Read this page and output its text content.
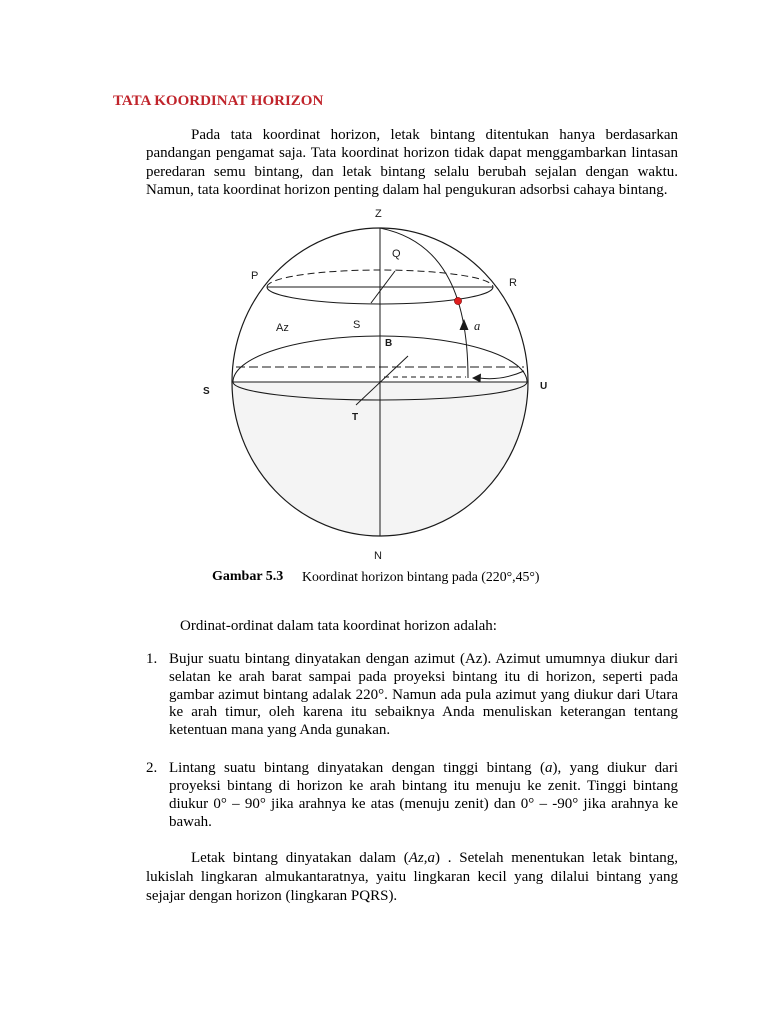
TATA KOORDINAT HORIZON
Pada tata koordinat horizon, letak bintang ditentukan hanya berdasarkan
pandangan pengamat saja. Tata koordinat horizon tidak dapat menggambarkan lintasan
peredaran semu bintang, dan letak bintang selalu berubah sejalan dengan waktu.
Namun, tata koordinat horizon penting dalam hal pengukuran adsorbsi cahaya bintang.
Z
Q
P
R
Az	S	a
B
S	U
T
N
Gambar 5.3 Koordinat horizon bintang pada (220°,45°)
Ordinat-ordinat dalam tata koordinat horizon adalah:
1. Bujur suatu bintang dinyatakan dengan azimut (Az). Azimut umumnya diukur dari
selatan ke arah barat sampai pada proyeksi bintang itu di horizon, seperti pada
gambar azimut bintang adalak 220°. Namun ada pula azimut yang diukur dari Utara
ke arah timur, oleh karena itu sebaiknya Anda menuliskan keterangan tentang
ketentuan mana yang Anda gunakan.
2. Lintang suatu bintang dinyatakan dengan tinggi bintang (a), yang diukur dari
proyeksi bintang di horizon ke arah bintang itu menuju ke zenit. Tinggi bintang
diukur 0° – 90° jika arahnya ke atas (menuju zenit) dan 0° – -90° jika arahnya ke
bawah.
Letak bintang dinyatakan dalam (Az,a) . Setelah menentukan letak bintang,
lukislah lingkaran almukantaratnya, yaitu lingkaran kecil yang dilalui bintang yang
sejajar dengan horizon (lingkaran PQRS).
